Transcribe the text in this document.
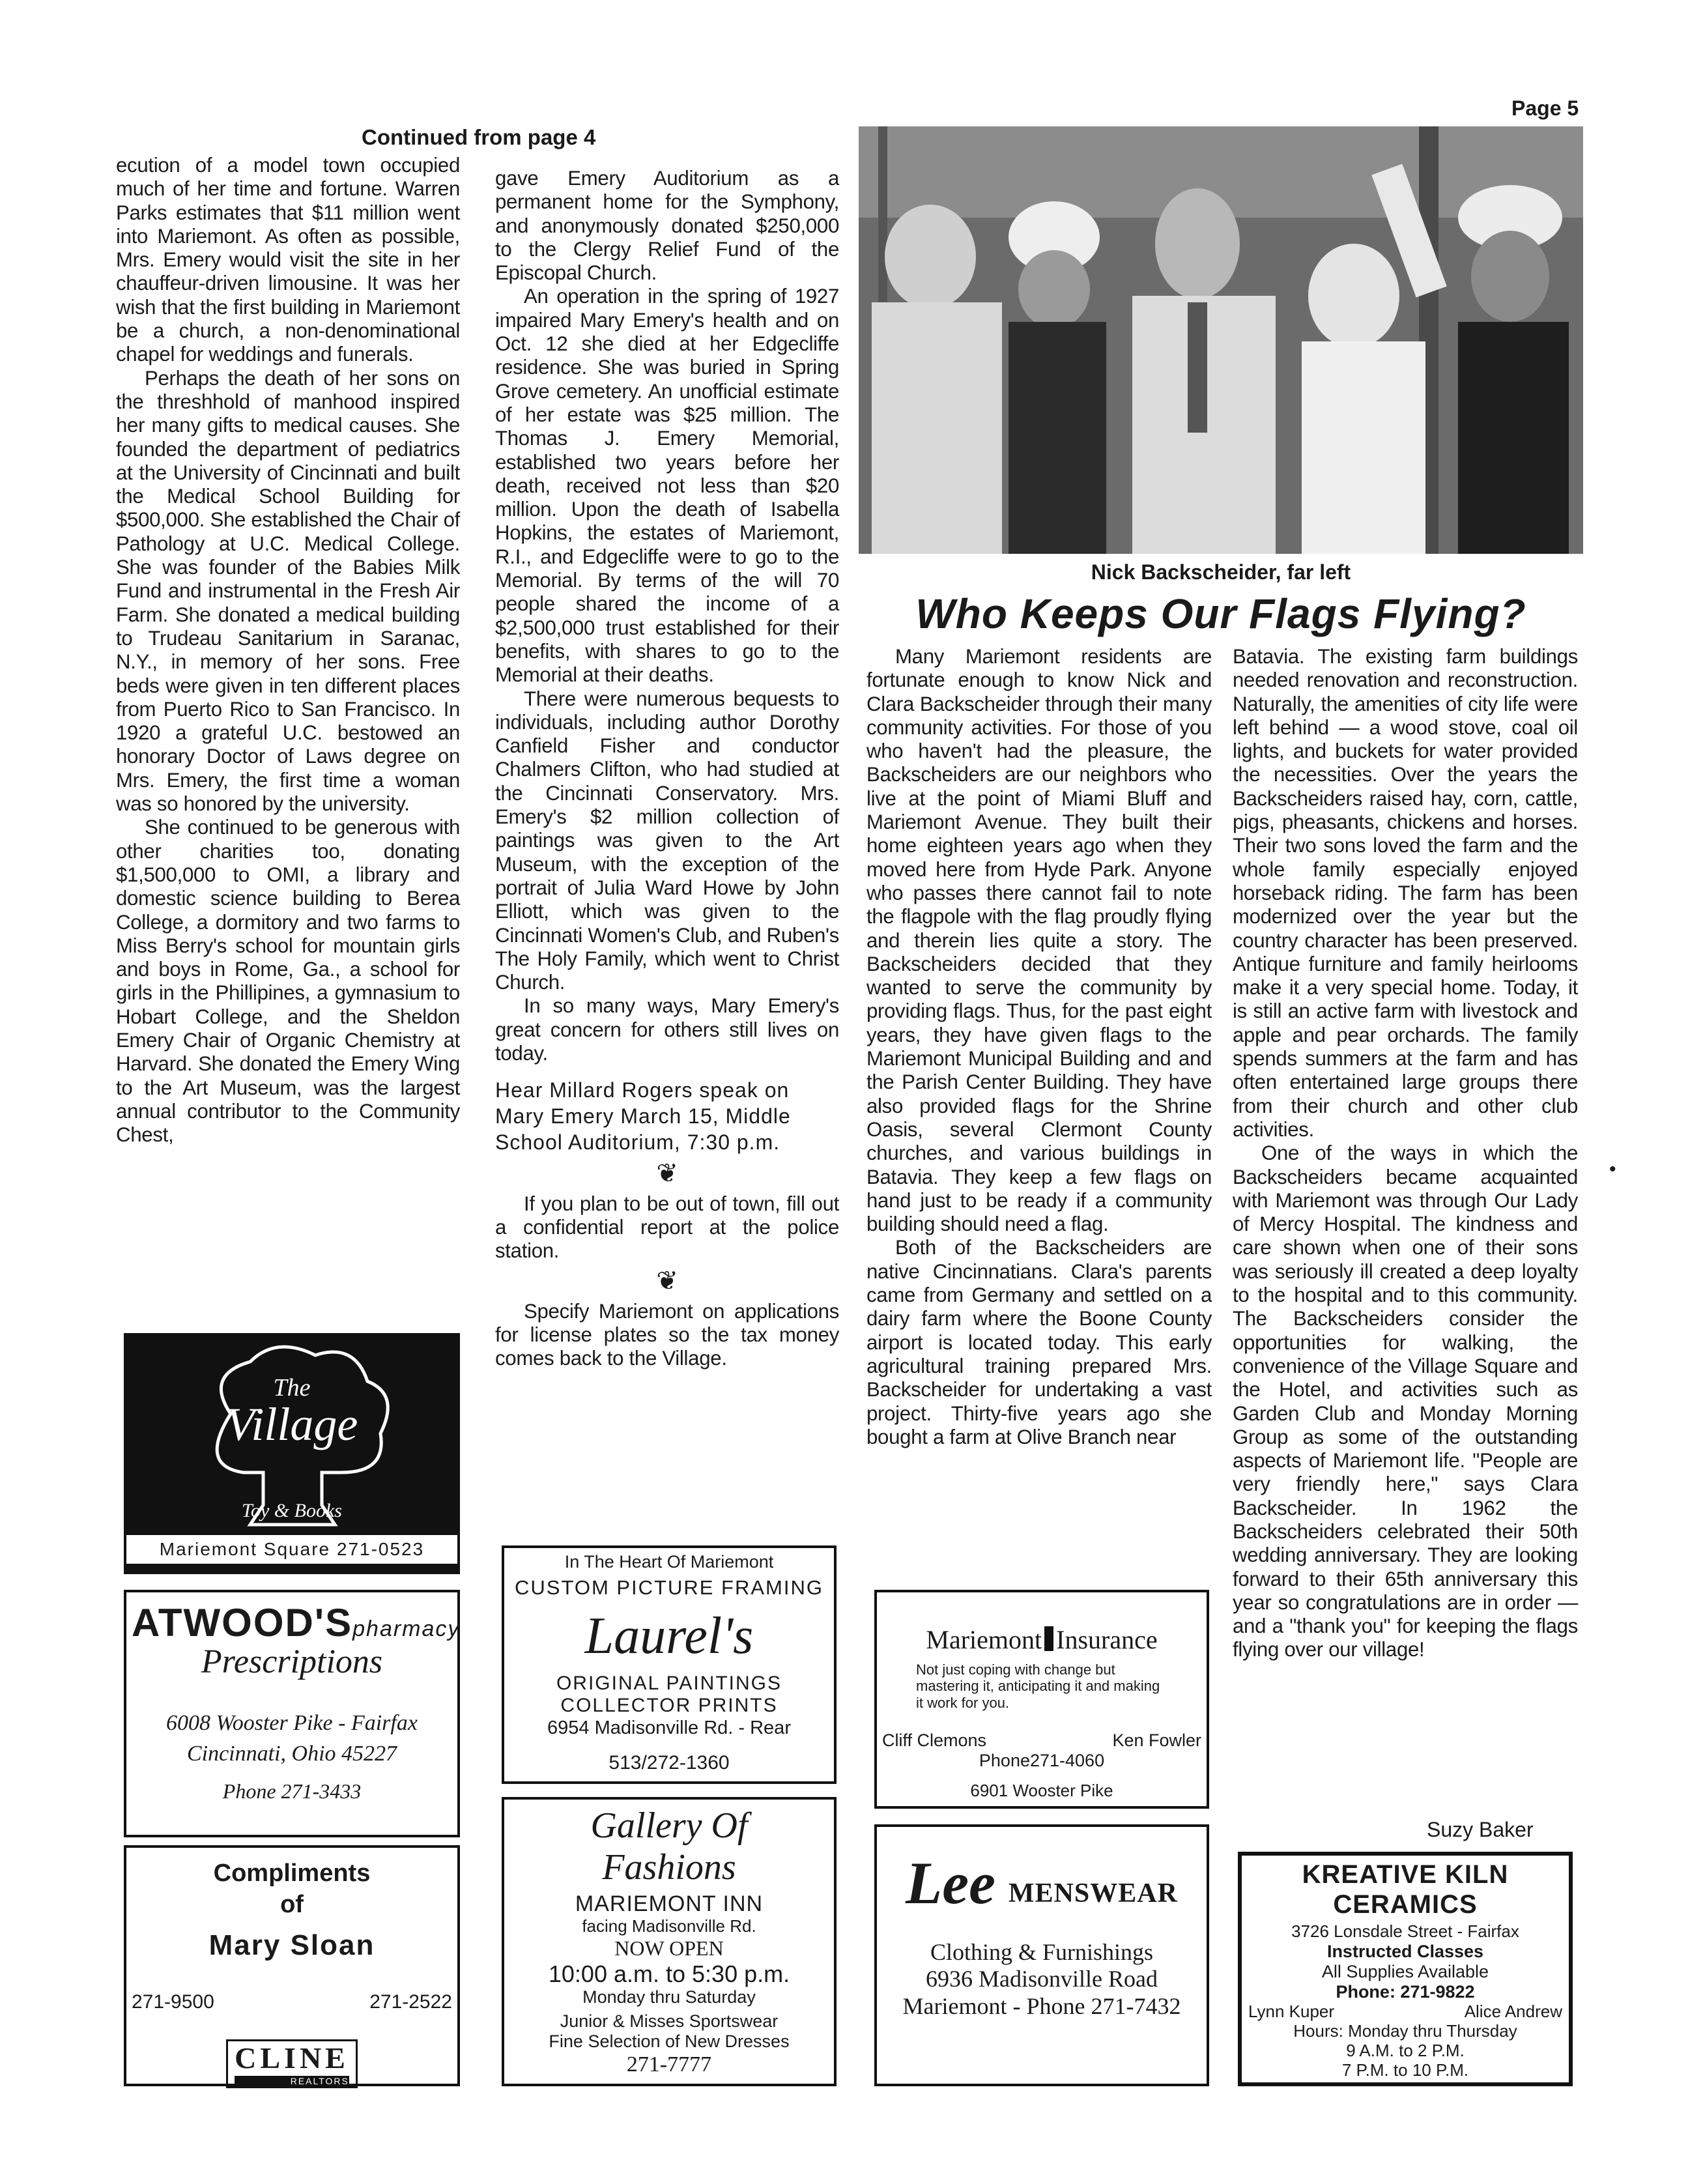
Page 5
Continued from page 4

ecution of a model town occupied much of her time and fortune. Warren Parks estimates that $11 million went into Mariemont. As often as possible, Mrs. Emery would visit the site in her chauffeur-driven limousine. It was her wish that the first building in Mariemont be a church, a non-denominational chapel for weddings and funerals.

Perhaps the death of her sons on the threshhold of manhood inspired her many gifts to medical causes. She founded the department of pediatrics at the University of Cincinnati and built the Medical School Building for $500,000. She established the Chair of Pathology at U.C. Medical College. She was founder of the Babies Milk Fund and instrumental in the Fresh Air Farm. She donated a medical building to Trudeau Sanitarium in Saranac, N.Y., in memory of her sons. Free beds were given in ten different places from Puerto Rico to San Francisco. In 1920 a grateful U.C. bestowed an honorary Doctor of Laws degree on Mrs. Emery, the first time a woman was so honored by the university.

She continued to be generous with other charities too, donating $1,500,000 to OMI, a library and domestic science building to Berea College, a dormitory and two farms to Miss Berry's school for mountain girls and boys in Rome, Ga., a school for girls in the Phillipines, a gymnasium to Hobart College, and the Sheldon Emery Chair of Organic Chemistry at Harvard. She donated the Emery Wing to the Art Museum, was the largest annual contributor to the Community Chest,

gave Emery Auditorium as a permanent home for the Symphony, and anonymously donated $250,000 to the Clergy Relief Fund of the Episcopal Church.

An operation in the spring of 1927 impaired Mary Emery's health and on Oct. 12 she died at her Edgecliffe residence. She was buried in Spring Grove cemetery. An unofficial estimate of her estate was $25 million. The Thomas J. Emery Memorial, established two years before her death, received not less than $20 million. Upon the death of Isabella Hopkins, the estates of Mariemont, R.I., and Edgecliffe were to go to the Memorial. By terms of the will 70 people shared the income of a $2,500,000 trust established for their benefits, with shares to go to the Memorial at their deaths.

There were numerous bequests to individuals, including author Dorothy Canfield Fisher and conductor Chalmers Clifton, who had studied at the Cincinnati Conservatory. Mrs. Emery's $2 million collection of paintings was given to the Art Museum, with the exception of the portrait of Julia Ward Howe by John Elliott, which was given to the Cincinnati Women's Club, and Ruben's The Holy Family, which went to Christ Church.

In so many ways, Mary Emery's great concern for others still lives on today.

Hear Millard Rogers speak on Mary Emery March 15, Middle School Auditorium, 7:30 p.m.

❦

If you plan to be out of town, fill out a confidential report at the police station.

❦

Specify Mariemont on applications for license plates so the tax money comes back to the Village.

Nick Backscheider, far left
Who Keeps Our Flags Flying?

Many Mariemont residents are fortunate enough to know Nick and Clara Backscheider through their many community activities. For those of you who haven't had the pleasure, the Backscheiders are our neighbors who live at the point of Miami Bluff and Mariemont Avenue. They built their home eighteen years ago when they moved here from Hyde Park. Anyone who passes there cannot fail to note the flagpole with the flag proudly flying and therein lies quite a story. The Backscheiders decided that they wanted to serve the community by providing flags. Thus, for the past eight years, they have given flags to the Mariemont Municipal Building and and the Parish Center Building. They have also provided flags for the Shrine Oasis, several Clermont County churches, and various buildings in Batavia. They keep a few flags on hand just to be ready if a community building should need a flag.

Both of the Backscheiders are native Cincinnatians. Clara's parents came from Germany and settled on a dairy farm where the Boone County airport is located today. This early agricultural training prepared Mrs. Backscheider for undertaking a vast project. Thirty-five years ago she bought a farm at Olive Branch near

Batavia. The existing farm buildings needed renovation and reconstruction. Naturally, the amenities of city life were left behind — a wood stove, coal oil lights, and buckets for water provided the necessities. Over the years the Backscheiders raised hay, corn, cattle, pigs, pheasants, chickens and horses. Their two sons loved the farm and the whole family especially enjoyed horseback riding. The farm has been modernized over the year but the country character has been preserved. Antique furniture and family heirlooms make it a very special home. Today, it is still an active farm with livestock and apple and pear orchards. The family spends summers at the farm and has often entertained large groups there from their church and other club activities.

One of the ways in which the Backscheiders became acquainted with Mariemont was through Our Lady of Mercy Hospital. The kindness and care shown when one of their sons was seriously ill created a deep loyalty to the hospital and to this community. The Backscheiders consider the opportunities for walking, the convenience of the Village Square and the Hotel, and activities such as Garden Club and Monday Morning Group as some of the outstanding aspects of Mariemont life. "People are very friendly here," says Clara Backscheider. In 1962 the Backscheiders celebrated their 50th wedding anniversary. They are looking forward to their 65th anniversary this year so congratulations are in order — and a "thank you" for keeping the flags flying over our village!

Suzy Baker
•
The
Village
Toy & Books
Mariemont Square 271-0523
ATWOOD'Spharmacy
Prescriptions
6008 Wooster Pike - Fairfax
Cincinnati, Ohio 45227
Phone 271-3433
Compliments
of
Mary Sloan
271-9500	271-2522
CLINE
REALTORS
In The Heart Of Mariemont
CUSTOM PICTURE FRAMING
Laurel's
ORIGINAL PAINTINGS
COLLECTOR PRINTS
6954 Madisonville Rd. - Rear
513/272-1360
Gallery Of
Fashions
MARIEMONT INN
facing Madisonville Rd.
NOW OPEN
10:00 a.m. to 5:30 p.m.
Monday thru Saturday
Junior & Misses Sportswear
Fine Selection of New Dresses
271-7777
Mariemont Insurance
Not just coping with change but mastering it, anticipating it and making it work for you.
Cliff Clemons	Ken Fowler
Phone271-4060
6901 Wooster Pike
Lee MENSWEAR
Clothing & Furnishings
6936 Madisonville Road
Mariemont - Phone 271-7432
KREATIVE KILN
CERAMICS
3726 Lonsdale Street - Fairfax
Instructed Classes
All Supplies Available
Phone: 271-9822
Lynn Kuper	Alice Andrew
Hours: Monday thru Thursday
9 A.M. to 2 P.M.
7 P.M. to 10 P.M.
